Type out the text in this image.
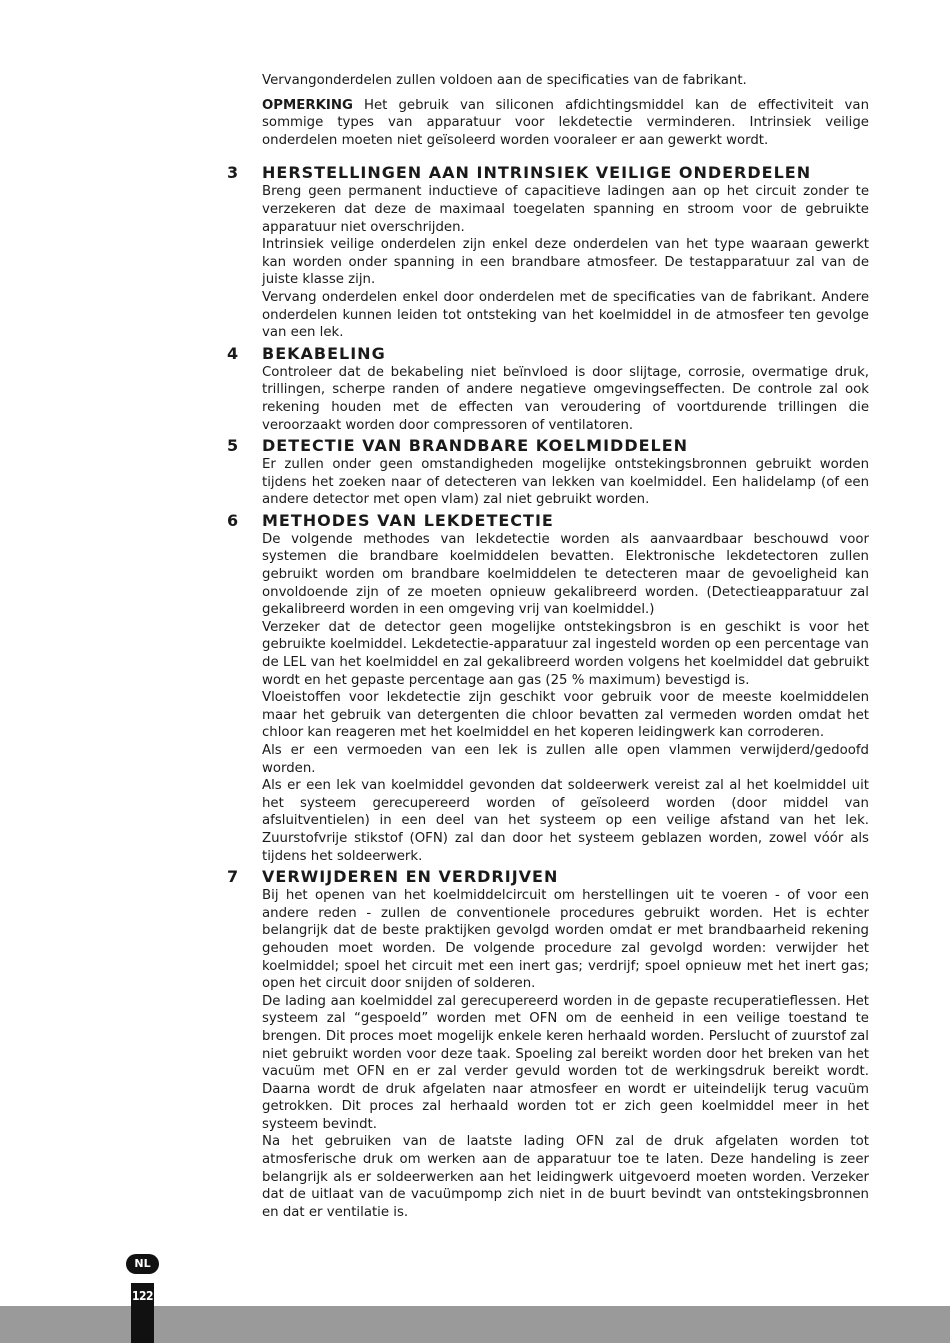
Vervangonderdelen zullen voldoen aan de specificaties van de fabrikant.

OPMERKING Het gebruik van siliconen afdichtingsmiddel kan de effectiviteit van sommige types van apparatuur voor lekdetectie verminderen. Intrinsiek veilige onderdelen moeten niet geïsoleerd worden vooraleer er aan gewerkt wordt.

3 HERSTELLINGEN AAN INTRINSIEK VEILIGE ONDERDELEN

Breng geen permanent inductieve of capacitieve ladingen aan op het circuit zonder te verzekeren dat deze de maximaal toegelaten spanning en stroom voor de gebruikte apparatuur niet overschrijden.

Intrinsiek veilige onderdelen zijn enkel deze onderdelen van het type waaraan gewerkt kan worden onder spanning in een brandbare atmosfeer. De testapparatuur zal van de juiste klasse zijn.

Vervang onderdelen enkel door onderdelen met de specificaties van de fabrikant. Andere onderdelen kunnen leiden tot ontsteking van het koelmiddel in de atmosfeer ten gevolge van een lek.

4 BEKABELING

Controleer dat de bekabeling niet beïnvloed is door slijtage, corrosie, overmatige druk, trillingen, scherpe randen of andere negatieve omgevingseffecten. De controle zal ook rekening houden met de effecten van veroudering of voortdurende trillingen die veroorzaakt worden door compressoren of ventilatoren.

5 DETECTIE VAN BRANDBARE KOELMIDDELEN

Er zullen onder geen omstandigheden mogelijke ontstekingsbronnen gebruikt worden tijdens het zoeken naar of detecteren van lekken van koelmiddel. Een halidelamp (of een andere detector met open vlam) zal niet gebruikt worden.

6 METHODES VAN LEKDETECTIE

De volgende methodes van lekdetectie worden als aanvaardbaar beschouwd voor systemen die brandbare koelmiddelen bevatten. Elektronische lekdetectoren zullen gebruikt worden om brandbare koelmiddelen te detecteren maar de gevoeligheid kan onvoldoende zijn of ze moeten opnieuw gekalibreerd worden. (Detectieapparatuur zal gekalibreerd worden in een omgeving vrij van koelmiddel.)

Verzeker dat de detector geen mogelijke ontstekingsbron is en geschikt is voor het gebruikte koelmiddel. Lekdetectie-apparatuur zal ingesteld worden op een percentage van de LEL van het koelmiddel en zal gekalibreerd worden volgens het koelmiddel dat gebruikt wordt en het gepaste percentage aan gas (25 % maximum) bevestigd is.

Vloeistoffen voor lekdetectie zijn geschikt voor gebruik voor de meeste koelmiddelen maar het gebruik van detergenten die chloor bevatten zal vermeden worden omdat het chloor kan reageren met het koelmiddel en het koperen leidingwerk kan corroderen.

Als er een vermoeden van een lek is zullen alle open vlammen verwijderd/gedoofd worden.

Als er een lek van koelmiddel gevonden dat soldeerwerk vereist zal al het koelmiddel uit het systeem gerecupereerd worden of geïsoleerd worden (door middel van afsluitventielen) in een deel van het systeem op een veilige afstand van het lek. Zuurstofvrije stikstof (OFN) zal dan door het systeem geblazen worden, zowel vóór als tijdens het soldeerwerk.

7 VERWIJDEREN EN VERDRIJVEN

Bij het openen van het koelmiddelcircuit om herstellingen uit te voeren - of voor een andere reden - zullen de conventionele procedures gebruikt worden. Het is echter belangrijk dat de beste praktijken gevolgd worden omdat er met brandbaarheid rekening gehouden moet worden. De volgende procedure zal gevolgd worden: verwijder het koelmiddel; spoel het circuit met een inert gas; verdrijf; spoel opnieuw met het inert gas; open het circuit door snijden of solderen.

De lading aan koelmiddel zal gerecupereerd worden in de gepaste recuperatieflessen. Het systeem zal “gespoeld” worden met OFN om de eenheid in een veilige toestand te brengen. Dit proces moet mogelijk enkele keren herhaald worden. Perslucht of zuurstof zal niet gebruikt worden voor deze taak. Spoeling zal bereikt worden door het breken van het vacuüm met OFN en er zal verder gevuld worden tot de werkingsdruk bereikt wordt. Daarna wordt de druk afgelaten naar atmosfeer en wordt er uiteindelijk terug vacuüm getrokken. Dit proces zal herhaald worden tot er zich geen koelmiddel meer in het systeem bevindt.

Na het gebruiken van de laatste lading OFN zal de druk afgelaten worden tot atmosferische druk om werken aan de apparatuur toe te laten. Deze handeling is zeer belangrijk als er soldeerwerken aan het leidingwerk uitgevoerd moeten worden. Verzeker dat de uitlaat van de vacuümpomp zich niet in de buurt bevindt van ontstekingsbronnen en dat er ventilatie is.

NL
122
